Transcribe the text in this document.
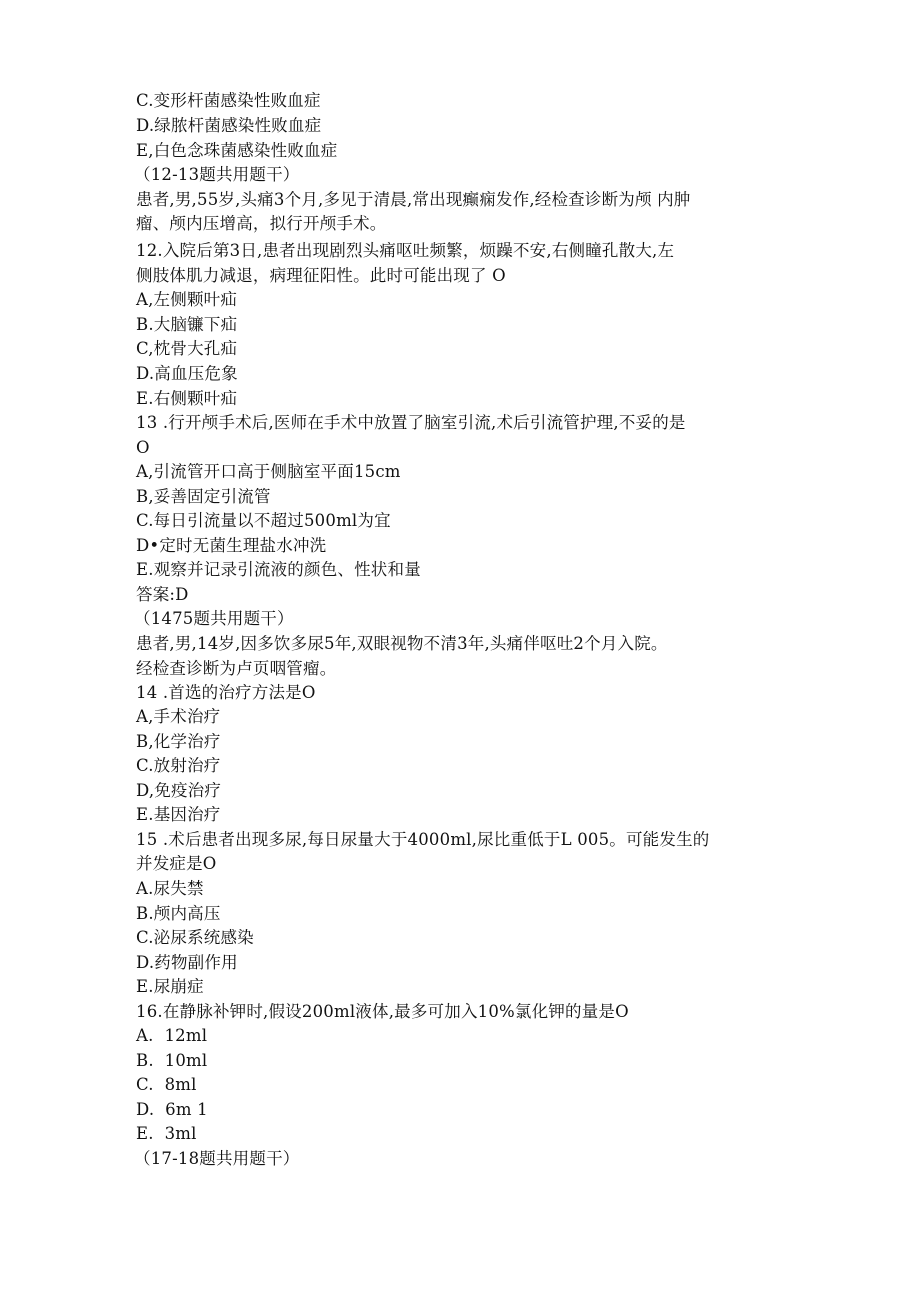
C.变形杆菌感染性败血症
D.绿脓杆菌感染性败血症
E,白色念珠菌感染性败血症
（12-13题共用题干）
患者,男,55岁,头痛3个月,多见于清晨,常出现癫痫发作,经检查诊断为颅 内肿
瘤、颅内压增高，拟行开颅手术。
12.入院后第3日,患者出现剧烈头痛呕吐频繁，烦躁不安,右侧瞳孔散大,左
侧肢体肌力减退，病理征阳性。此时可能出现了 O
A,左侧颗叶疝
B.大脑镰下疝
C,枕骨大孔疝
D.高血压危象
E.右侧颗叶疝
13 .行开颅手术后,医师在手术中放置了脑室引流,术后引流管护理,不妥的是
O
A,引流管开口高于侧脑室平面15cm
B,妥善固定引流管
C.每日引流量以不超过500ml为宜
D•定时无菌生理盐水冲洗
E.观察并记录引流液的颜色、性状和量
答案:D
（1475题共用题干）
患者,男,14岁,因多饮多尿5年,双眼视物不清3年,头痛伴呕吐2个月入院。
经检查诊断为卢页咽管瘤。
14 .首选的治疗方法是O
A,手术治疗
B,化学治疗
C.放射治疗
D,免疫治疗
E.基因治疗
15 .术后患者出现多尿,每日尿量大于4000ml,尿比重低于L 005。可能发生的
并发症是O
A.尿失禁
B.颅内高压
C.泌尿系统感染
D.药物副作用
E.尿崩症
16.在静脉补钾时,假设200ml液体,最多可加入10%氯化钾的量是O
A.  12ml
B.  10ml
C.  8ml
D.  6m 1
E.  3ml
（17-18题共用题干）
